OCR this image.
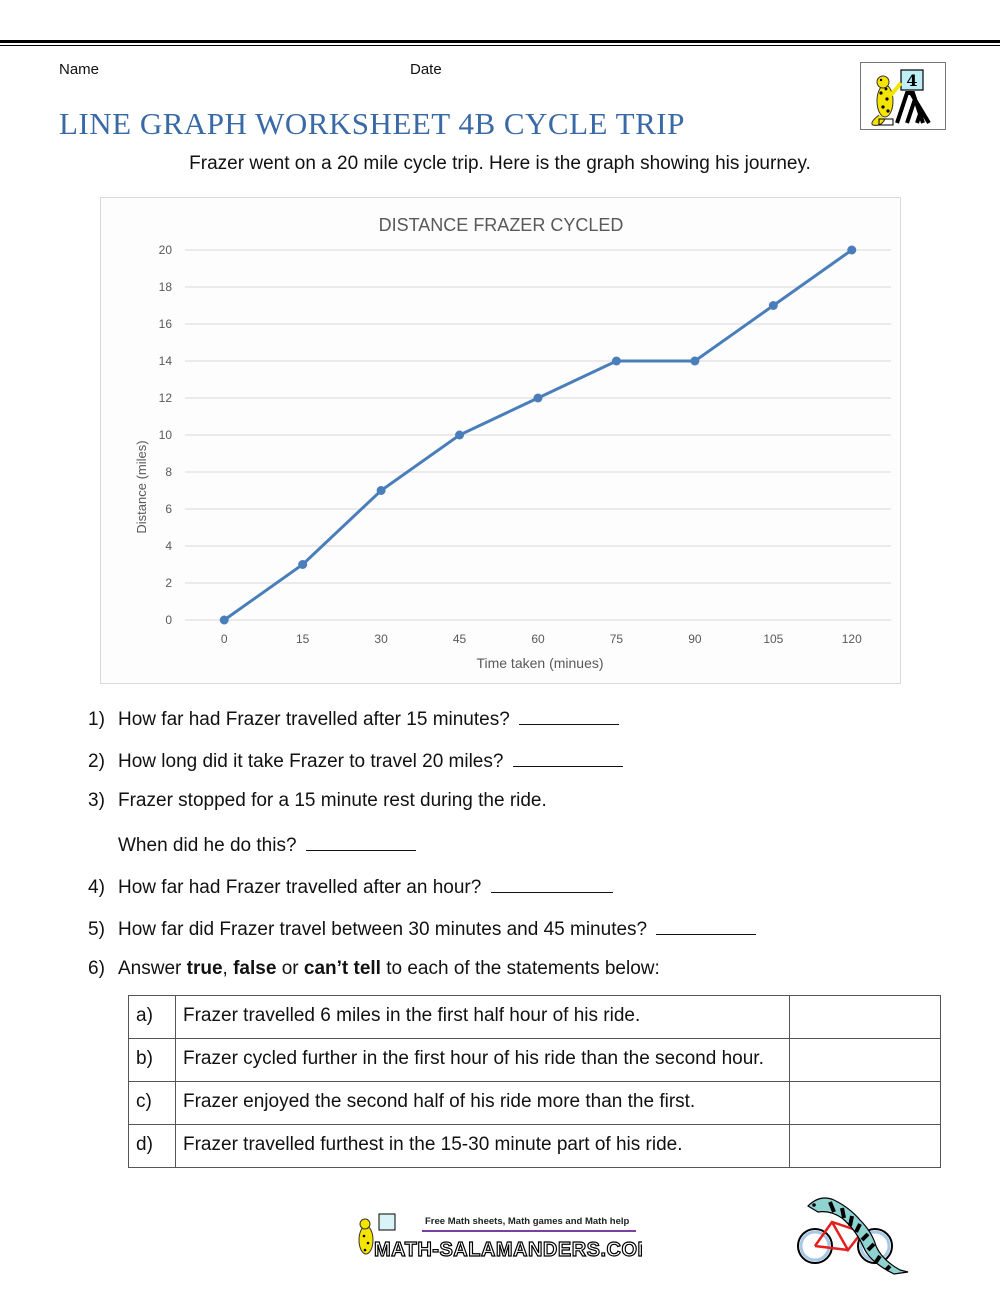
Name	Date
4
LINE GRAPH WORKSHEET 4B CYCLE TRIP
Frazer went on a 20 mile cycle trip. Here is the graph showing his journey.
DISTANCE FRAZER CYCLED
0
2
4
6
8
10
12
14
16
18
20
0	15	30	45	60	75	90	105	120
Distance (miles)
Time taken (minues)
1) How far had Frazer travelled after 15 minutes?
2) How long did it take Frazer to travel 20 miles?
3) Frazer stopped for a 15 minute rest during the ride.
When did he do this?
4) How far had Frazer travelled after an hour?
5) How far did Frazer travel between 30 minutes and 45 minutes?
6) Answer true, false or can’t tell to each of the statements below:
a)	Frazer travelled 6 miles in the first half hour of his ride.	
b)	Frazer cycled further in the first hour of his ride than the second hour.	
c)	Frazer enjoyed the second half of his ride more than the first.	
d)	Frazer travelled furthest in the 15-30 minute part of his ride.	
Free Math sheets, Math games and Math help
MATH-SALAMANDERS.COM
